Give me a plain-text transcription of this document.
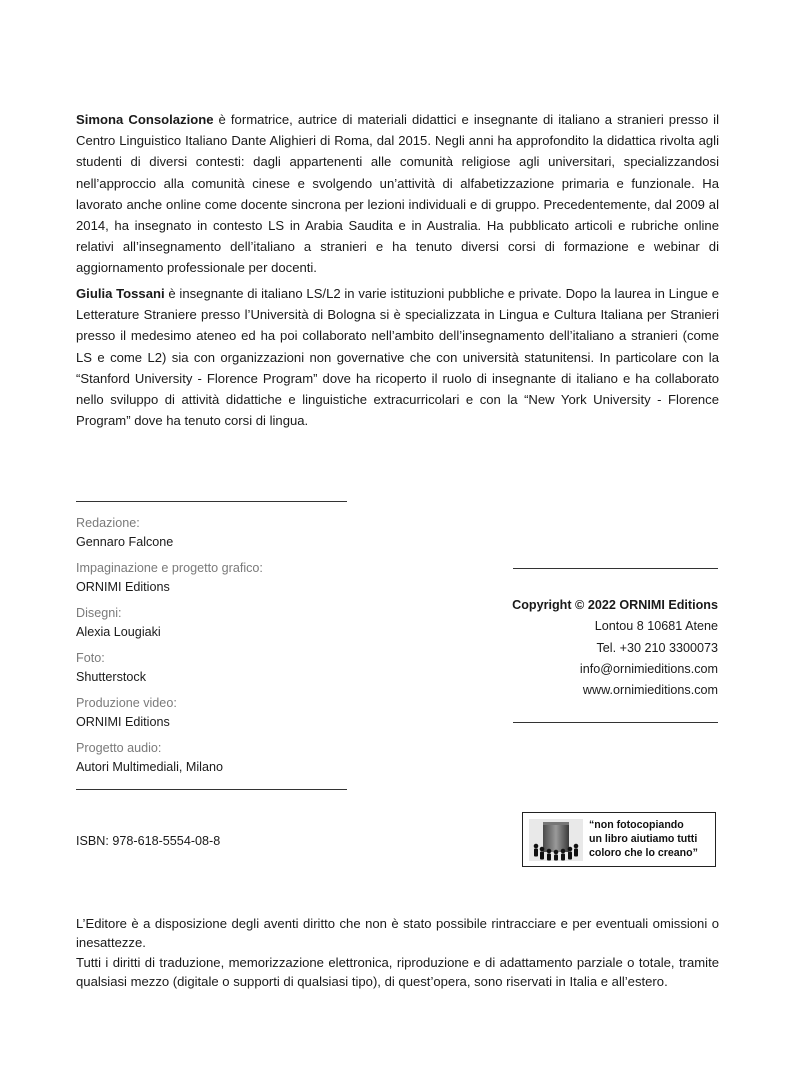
Simona Consolazione è formatrice, autrice di materiali didattici e insegnante di italiano a stranieri presso il Centro Linguistico Italiano Dante Alighieri di Roma, dal 2015. Negli anni ha approfondito la didattica rivolta agli studenti di diversi contesti: dagli appartenenti alle comunità religiose agli universitari, specializzandosi nell’approccio alla comunità cinese e svolgendo un’attività di alfabetizzazione primaria e funzionale. Ha lavorato anche online come docente sincrona per lezioni individuali e di gruppo. Precedentemente, dal 2009 al 2014, ha insegnato in contesto LS in Arabia Saudita e in Australia. Ha pubblicato articoli e rubriche online relativi all’insegnamento dell’italiano a stranieri e ha tenuto diversi corsi di formazione e webinar di aggiornamento professionale per docenti.

Giulia Tossani è insegnante di italiano LS/L2 in varie istituzioni pubbliche e private. Dopo la laurea in Lingue e Letterature Straniere presso l’Università di Bologna si è specializzata in Lingua e Cultura Italiana per Stranieri presso il medesimo ateneo ed ha poi collaborato nell’ambito dell’insegnamento dell’italiano a stranieri (come LS e come L2) sia con organizzazioni non governative che con università statunitensi. In particolare con la “Stanford University - Florence Program” dove ha ricoperto il ruolo di insegnante di italiano e ha collaborato nello sviluppo di attività didattiche e linguistiche extracurricolari e con la “New York University - Florence Program” dove ha tenuto corsi di lingua.

Redazione:
Gennaro Falcone
Impaginazione e progetto grafico:
ORNIMI Editions
Disegni:
Alexia Lougiaki
Foto:
Shutterstock
Produzione video:
ORNIMI Editions
Progetto audio:
Autori Multimediali, Milano
Copyright © 2022 ORNIMI Editions
Lontou 8 10681 Atene
Tel. +30 210 3300073
info@ornimieditions.com
www.ornimieditions.com
ISBN: 978-618-5554-08-8
“non fotocopiando
un libro aiutiamo tutti
coloro che lo creano”

L’Editore è a disposizione degli aventi diritto che non è stato possibile rintracciare e per eventuali omissioni o inesattezze.
Tutti i diritti di traduzione, memorizzazione elettronica, riproduzione e di adattamento parziale o totale, tramite qualsiasi mezzo (digitale o supporti di qualsiasi tipo), di quest’opera, sono riservati in Italia e all’estero.
